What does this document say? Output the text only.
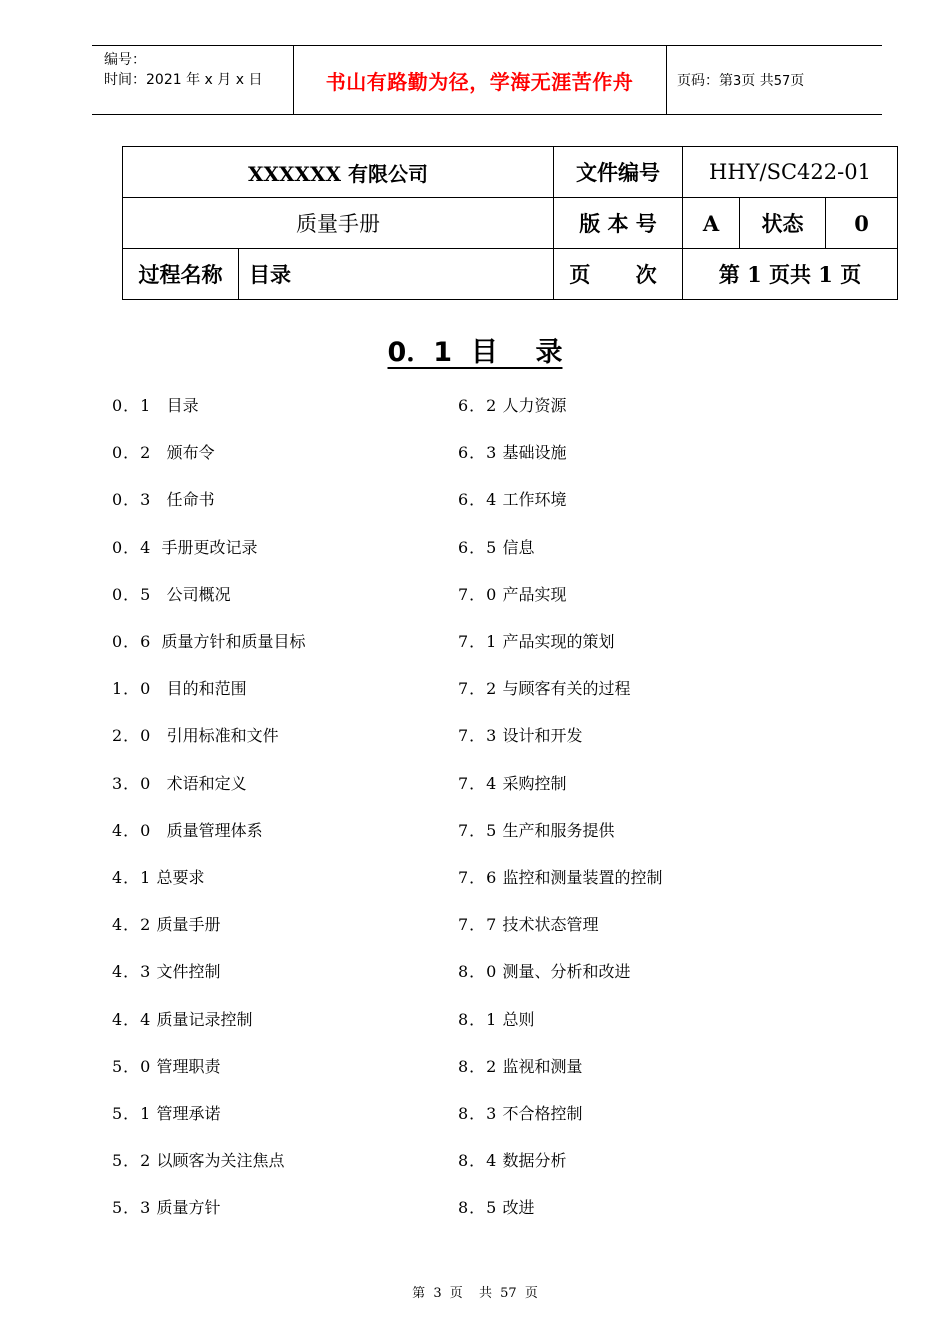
编号：
时间：2021 年 x 月 x 日	书山有路勤为径，学海无涯苦作舟	页码：第3页 共57页
XXXXXX 有限公司		文件编号	HHY/SC422-01		
质量手册		版 本 号	A	状态	0
过程名称	目录	页 次	第 1 页共 1 页		
0．1  目    录
0．1   目录
0．2   颁布令
0．3   任命书
0．4  手册更改记录
0．5   公司概况
0．6  质量方针和质量目标
1．0   目的和范围
2．0   引用标准和文件
3．0   术语和定义
4．0   质量管理体系
4．1 总要求
4．2 质量手册
4．3 文件控制
4．4 质量记录控制
5．0 管理职责
5．1 管理承诺
5．2 以顾客为关注焦点
5．3 质量方针
6．2 人力资源
6．3 基础设施
6．4 工作环境
6．5 信息
7．0 产品实现
7．1 产品实现的策划
7．2 与顾客有关的过程
7．3 设计和开发
7．4 采购控制
7．5 生产和服务提供
7．6 监控和测量装置的控制
7．7 技术状态管理
8．0 测量、分析和改进
8．1 总则
8．2 监视和测量
8．3 不合格控制
8．4 数据分析
8．5 改进
第 3 页  共 57 页
